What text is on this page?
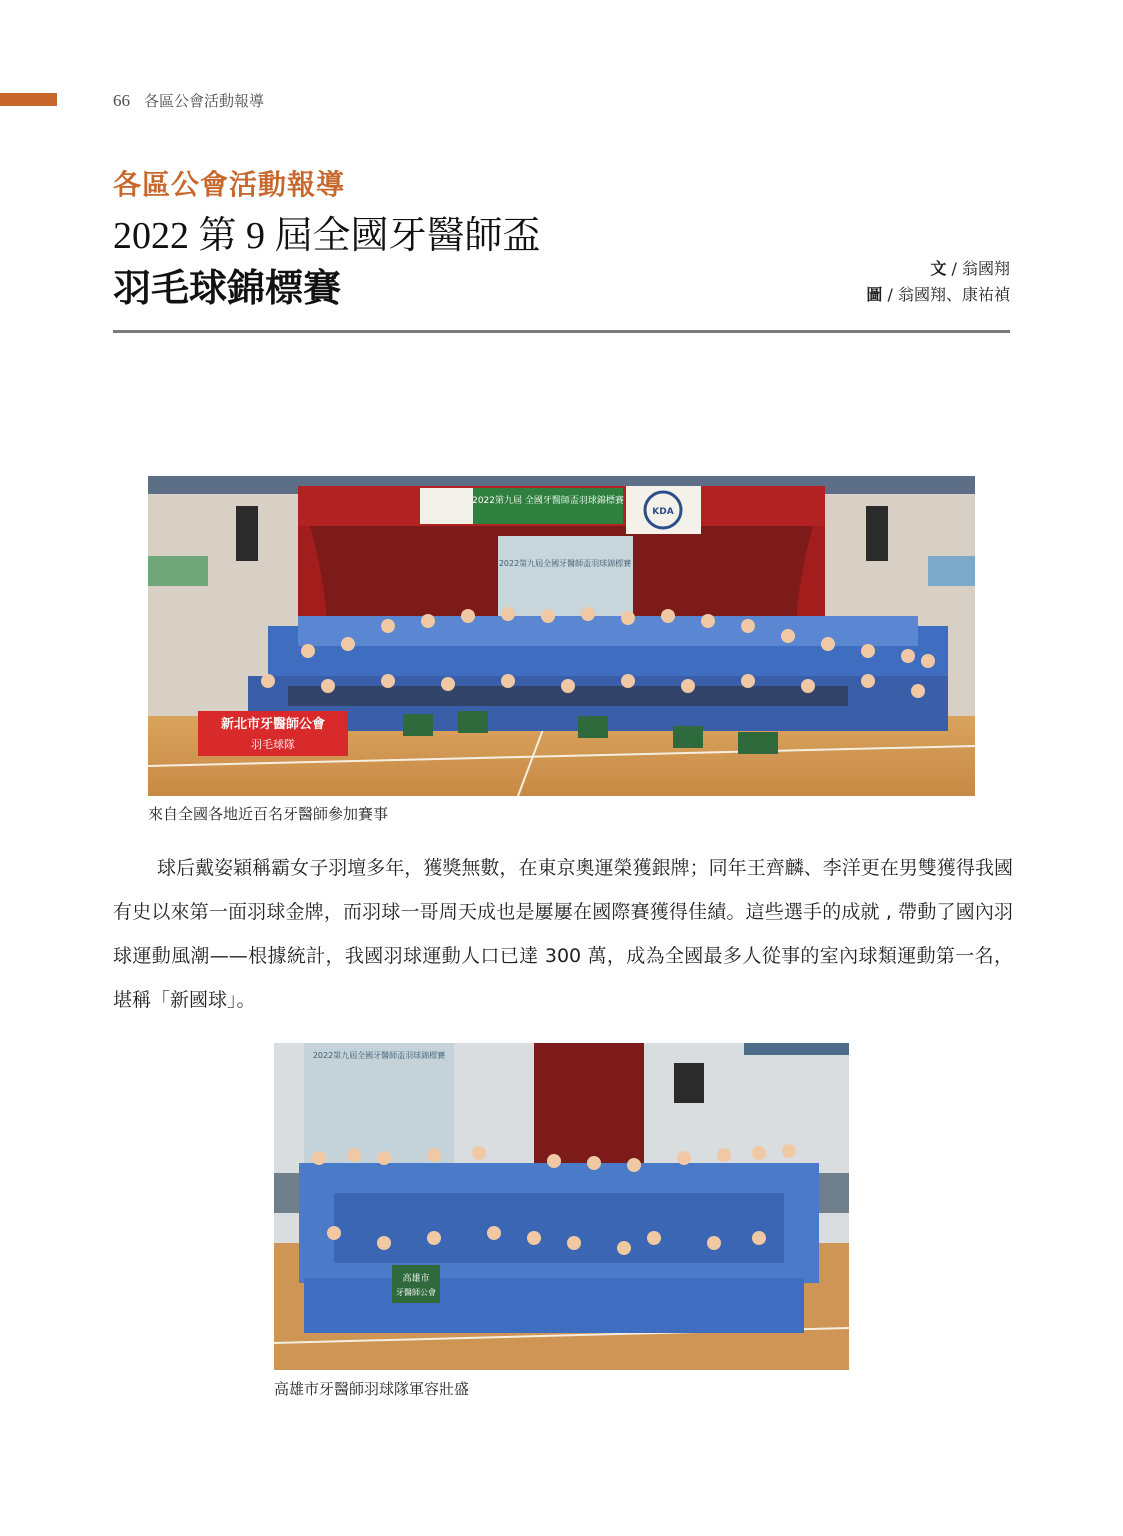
66 各區公會活動報導
各區公會活動報導
2022 第 9 屆全國牙醫師盃
羽毛球錦標賽	文 / 翁國翔
圖 / 翁國翔、康祐禎
2022第九屆全國牙醫師盃羽球錦標賽
2022第九屆 全國牙醫師盃羽球錦標賽
KDA
新北市牙醫師公會
羽毛球隊
來自全國各地近百名牙醫師參加賽事
球后戴姿穎稱霸女子羽壇多年，獲獎無數，在東京奧運榮獲銀牌；同年王齊麟、李洋更在男雙獲得我國有史以來第一面羽球金牌，而羽球一哥周天成也是屢屢在國際賽獲得佳績。這些選手的成就 , 帶動了國內羽球運動風潮——根據統計，我國羽球運動人口已達 300 萬，成為全國最多人從事的室內球類運動第一名，堪稱「新國球」。
2022第九屆全國牙醫師盃羽球錦標賽
高雄市
牙醫師公會
高雄市牙醫師羽球隊軍容壯盛
